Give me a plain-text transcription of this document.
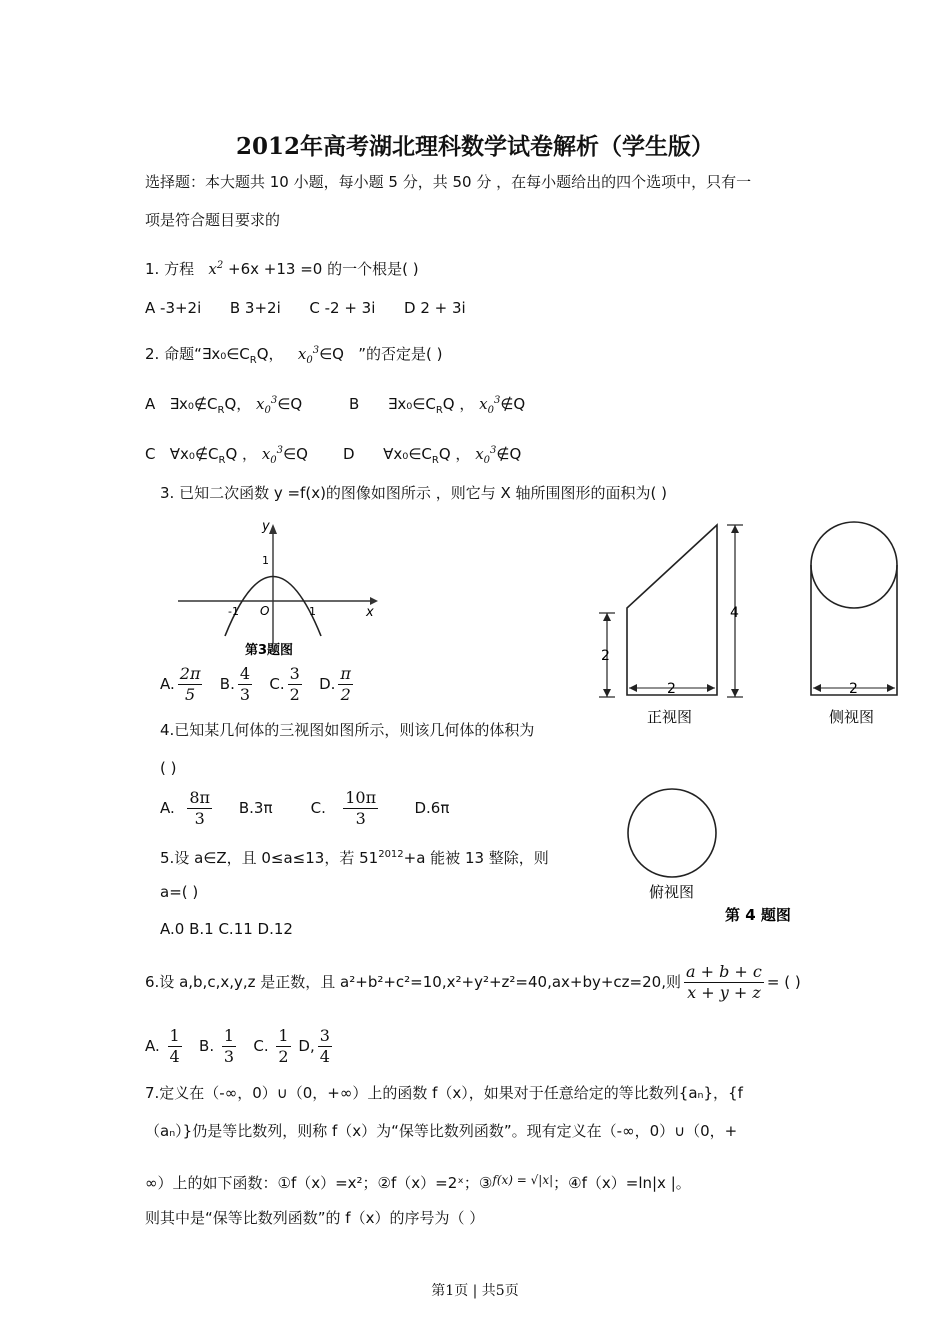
2012年高考湖北理科数学试卷解析（学生版）
选择题：本大题共 10 小题，每小题 5 分，共 50 分 ，在每小题给出的四个选项中，只有一
项是符合题目要求的
1. 方程 $x^2 +6x +13 =0$ 的一个根是( )
A -3+2i B 3+2i C -2 + 3i D 2 + 3i
2. 命题“$\exists x_0\in C_RQ$， $x_0^3\in Q$ ”的否定是( )
A $\exists x_0\notin C_RQ$， $x_0^3\in Q$	B $\exists x_0\in C_RQ$ ， $x_0^3\notin Q$
C $\forall x_0\notin C_RQ$ ， $x_0^3\in Q$ D $\forall x_0\in C_RQ$ ， $x_0^3\notin Q$
3. 已知二次函数 y =f(x)的图像如图所示 ，则它与 X 轴所围图形的面积为( )
y
x
1
-1 O	1
第3题图
A. $\frac{2\pi}{5} B$. $\frac{4}{3} C$. $\frac{3}{2} D$. $\frac{\pi}{2}$
2
4
2
正视图
2
侧视图
俯视图
第 4 题图
4.已知某几何体的三视图如图所示，则该几何体的体积为
( )
A. $\frac{8\pi}{3} B.3\pi$	C. $\frac{10\pi}{3} D.6\pi$
5.设 a∈Z，且 0≤a≤13，若 $51^{2012}+a$ 能被 13 整除，则
a=( )
A.0 B.1 C.11 D.12
6.设 a,b,c,x,y,z 是正数，且 a²+b²+c²=10,x²+y²+z²=40,ax+by+cz=20,则 $\frac{a + b + c}{x + y + z}$ = ( )
A. $\frac{1}{4} B$. $\frac{1}{3} C$. $\frac{1}{2} D$, $\frac{3}{4}$
7.定义在（-∞，0）∪（0，+∞）上的函数 f（x），如果对于任意给定的等比数列{aₙ}，{f
（aₙ）}仍是等比数列，则称 f（x）为“保等比数列函数”。现有定义在（-∞，0）∪（0，+
∞）上的如下函数：①f（x）=x²；②f（x）=2ˣ；③$^{f(x) = √|x|}$；④f（x）=ln|x |。
则其中是“保等比数列函数”的 f（x）的序号为（ ）
第1页 | 共5页
